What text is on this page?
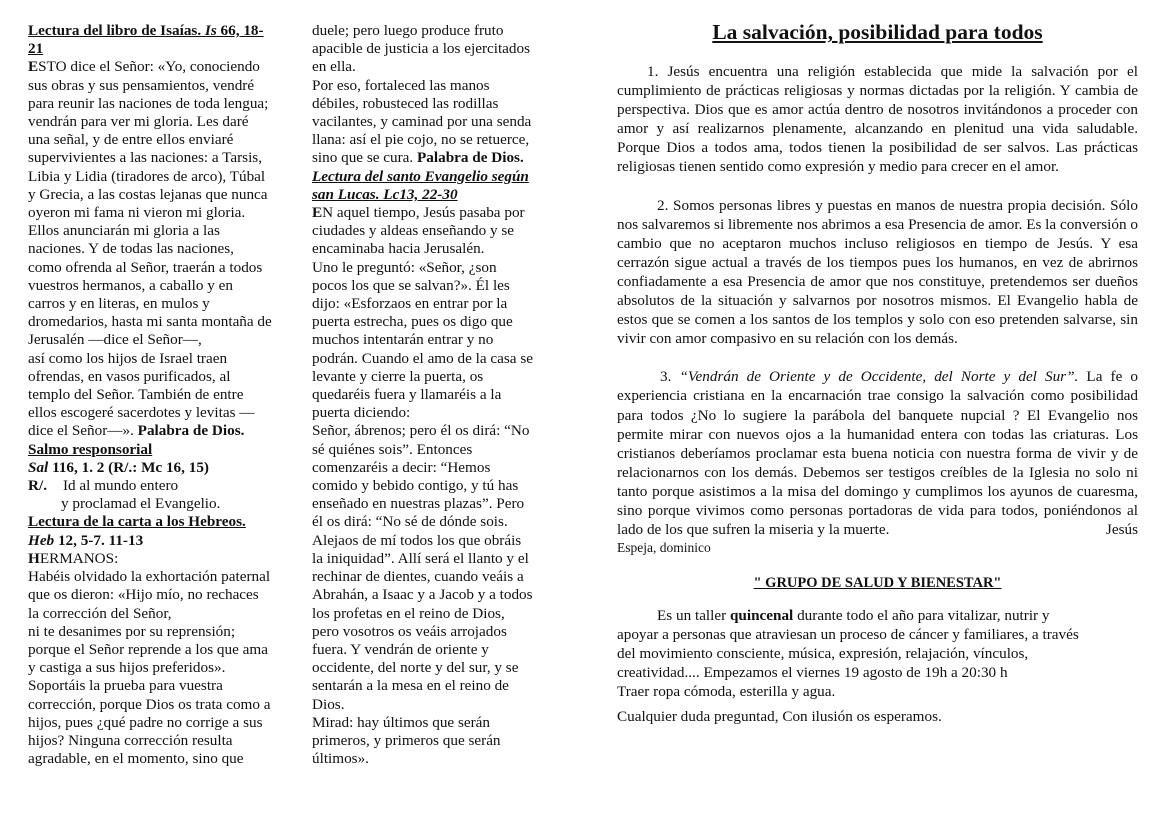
Lectura del libro de Isaías. Is 66, 18-
21
ESTO dice el Señor: «Yo, conociendo
sus obras y sus pensamientos, vendré
para reunir las naciones de toda lengua;
vendrán para ver mi gloria. Les daré
una señal, y de entre ellos enviaré
supervivientes a las naciones: a Tarsis,
Libia y Lidia (tiradores de arco), Túbal
y Grecia, a las costas lejanas que nunca
oyeron mi fama ni vieron mi gloria.
Ellos anunciarán mi gloria a las
naciones. Y de todas las naciones,
como ofrenda al Señor, traerán a todos
vuestros hermanos, a caballo y en
carros y en literas, en mulos y
dromedarios, hasta mi santa montaña de
Jerusalén —dice el Señor—,
así como los hijos de Israel traen
ofrendas, en vasos purificados, al
templo del Señor. También de entre
ellos escogeré sacerdotes y levitas —
dice el Señor—». Palabra de Dios.
Salmo responsorial
Sal 116, 1. 2 (R/.: Mc 16, 15)
R/. Id al mundo entero
y proclamad el Evangelio.
Lectura de la carta a los Hebreos.
Heb 12, 5-7. 11-13
HERMANOS:
Habéis olvidado la exhortación paternal
que os dieron: «Hijo mío, no rechaces
la corrección del Señor,
ni te desanimes por su reprensión;
porque el Señor reprende a los que ama
y castiga a sus hijos preferidos».
Soportáis la prueba para vuestra
corrección, porque Dios os trata como a
hijos, pues ¿qué padre no corrige a sus
hijos? Ninguna corrección resulta
agradable, en el momento, sino que
duele; pero luego produce fruto
apacible de justicia a los ejercitados
en ella.
Por eso, fortaleced las manos
débiles, robusteced las rodillas
vacilantes, y caminad por una senda
llana: así el pie cojo, no se retuerce,
sino que se cura. Palabra de Dios.
Lectura del santo Evangelio según
san Lucas. Lc13, 22-30
EN aquel tiempo, Jesús pasaba por
ciudades y aldeas enseñando y se
encaminaba hacia Jerusalén.
Uno le preguntó: «Señor, ¿son
pocos los que se salvan?». Él les
dijo: «Esforzaos en entrar por la
puerta estrecha, pues os digo que
muchos intentarán entrar y no
podrán. Cuando el amo de la casa se
levante y cierre la puerta, os
quedaréis fuera y llamaréis a la
puerta diciendo:
Señor, ábrenos; pero él os dirá: “No
sé quiénes sois”. Entonces
comenzaréis a decir: “Hemos
comido y bebido contigo, y tú has
enseñado en nuestras plazas”. Pero
él os dirá: “No sé de dónde sois.
Alejaos de mí todos los que obráis
la iniquidad”. Allí será el llanto y el
rechinar de dientes, cuando veáis a
Abrahán, a Isaac y a Jacob y a todos
los profetas en el reino de Dios,
pero vosotros os veáis arrojados
fuera. Y vendrán de oriente y
occidente, del norte y del sur, y se
sentarán a la mesa en el reino de
Dios.
Mirad: hay últimos que serán
primeros, y primeros que serán
últimos».
La salvación, posibilidad para todos

1. Jesús encuentra una religión establecida que mide la salvación por el cumplimiento de prácticas religiosas y normas dictadas por la religión. Y cambia de perspectiva. Dios que es amor actúa dentro de nosotros invitándonos a proceder con amor y así realizarnos plenamente, alcanzando en plenitud una vida saludable. Porque Dios a todos ama, todos tienen la posibilidad de ser salvos. Las prácticas religiosas tienen sentido como expresión y medio para crecer en el amor.

2. Somos personas libres y puestas en manos de nuestra propia decisión. Sólo nos salvaremos si libremente nos abrimos a esa Presencia de amor. Es la conversión o cambio que no aceptaron muchos incluso religiosos en tiempo de Jesús. Y esa cerrazón sigue actual a través de los tiempos pues los humanos, en vez de abrirnos confiadamente a esa Presencia de amor que nos constituye, pretendemos ser dueños absolutos de la situación y salvarnos por nosotros mismos. El Evangelio habla de estos que se comen a los santos de los templos y solo con eso pretenden salvarse, sin vivir con amor compasivo en su relación con los demás.

3. “Vendrán de Oriente y de Occidente, del Norte y del Sur”. La fe o experiencia cristiana en la encarnación trae consigo la salvación como posibilidad para todos ¿No lo sugiere la parábola del banquete nupcial ? El Evangelio nos permite mirar con nuevos ojos a la humanidad entera con todas las criaturas. Los cristianos deberíamos proclamar esta buena noticia con nuestra forma de vivir y de relacionarnos con los demás. Debemos ser testigos creíbles de la Iglesia no solo ni tanto porque asistimos a la misa del domingo y cumplimos los ayunos de cuaresma, sino porque vivimos como personas portadoras de vida para todos, poniéndonos al lado de los que sufren la miseria y la muerte.	Jesús

Espeja, dominico
" GRUPO DE SALUD Y BIENESTAR"
Es un taller quincenal durante todo el año para vitalizar, nutrir y
apoyar a personas que atraviesan un proceso de cáncer y familiares, a través
del movimiento consciente, música, expresión, relajación, vínculos,
creatividad.... Empezamos el viernes 19 agosto de 19h a 20:30 h
Traer ropa cómoda, esterilla y agua.
Cualquier duda preguntad, Con ilusión os esperamos.
